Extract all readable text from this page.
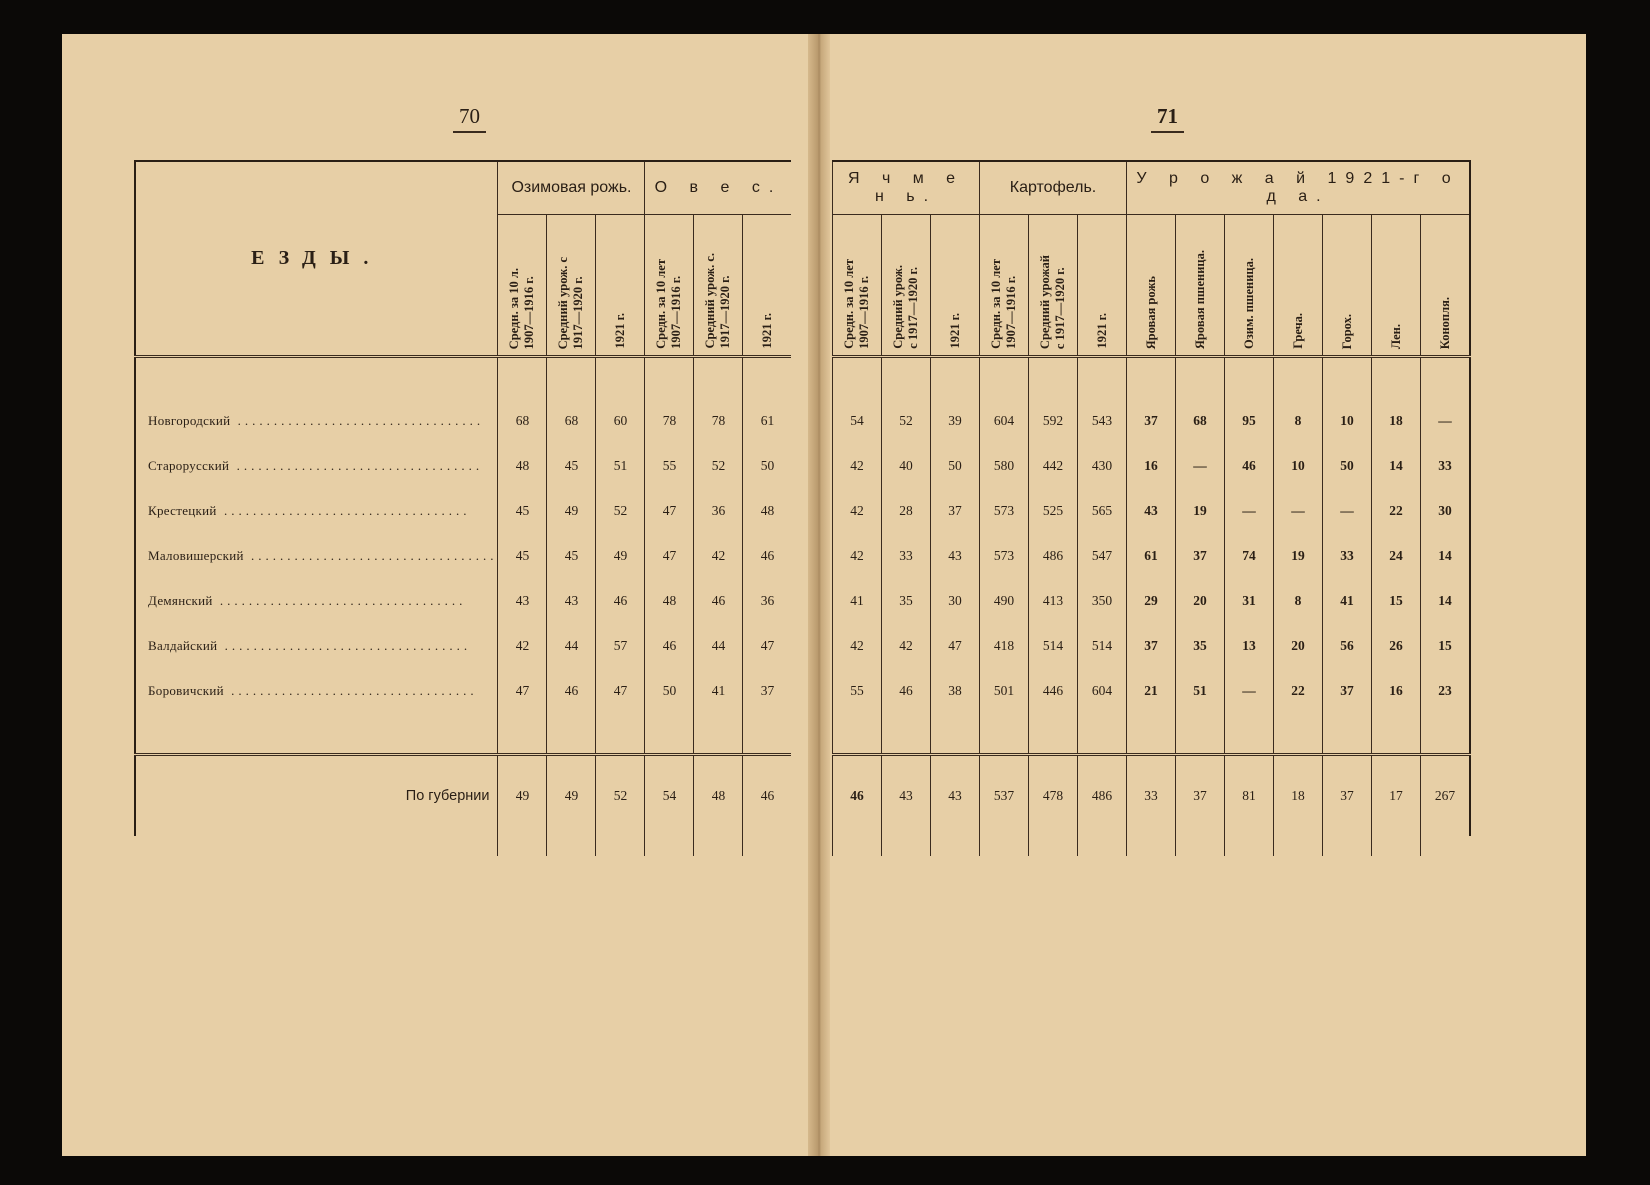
70	71
ЕЗДЫ.	Озимовая рожь.			О в е с.		

	Средн. за 10 л.
1907—1916 г.	Средний урож. с
1917—1920 г.	1921 г.	Средн. за 10 лет
1907—1916 г.	Средний урож. с.
1917—1920 г.	1921 г.

Новгородский ..................................	68	68	60	78	78	61
Старорусский ..................................	48	45	51	55	52	50
Крестецкий ..................................	45	49	52	47	36	48
Маловишерский ..................................	45	45	49	47	42	46
Демянский ..................................	43	43	46	48	46	36
Валдайский ..................................	42	44	57	46	44	47
Боровичский ..................................	47	46	47	50	41	37

По губернии	49	49	52	54	48	46

Я ч м е н ь.			Картофель.			У р о ж а й 1921-г о д а.						

Средн. за 10 лет
1907—1916 г.	Средний урож.
с 1917—1920 г.	1921 г.	Средн. за 10 лет
1907—1916 г.	Средний урожай
с 1917—1920 г.	1921 г.	Яровая рожь	Яровая пшеница.	Озим. пшеница.	Греча.	Горох.	Лен.	Конопля.

54	52	39	604	592	543	37	68	95	8	10	18	—
42	40	50	580	442	430	16	—	46	10	50	14	33
42	28	37	573	525	565	43	19	—	—	—	22	30
42	33	43	573	486	547	61	37	74	19	33	24	14
41	35	30	490	413	350	29	20	31	8	41	15	14
42	42	47	418	514	514	37	35	13	20	56	26	15
55	46	38	501	446	604	21	51	—	22	37	16	23

46	43	43	537	478	486	33	37	81	18	37	17	267
